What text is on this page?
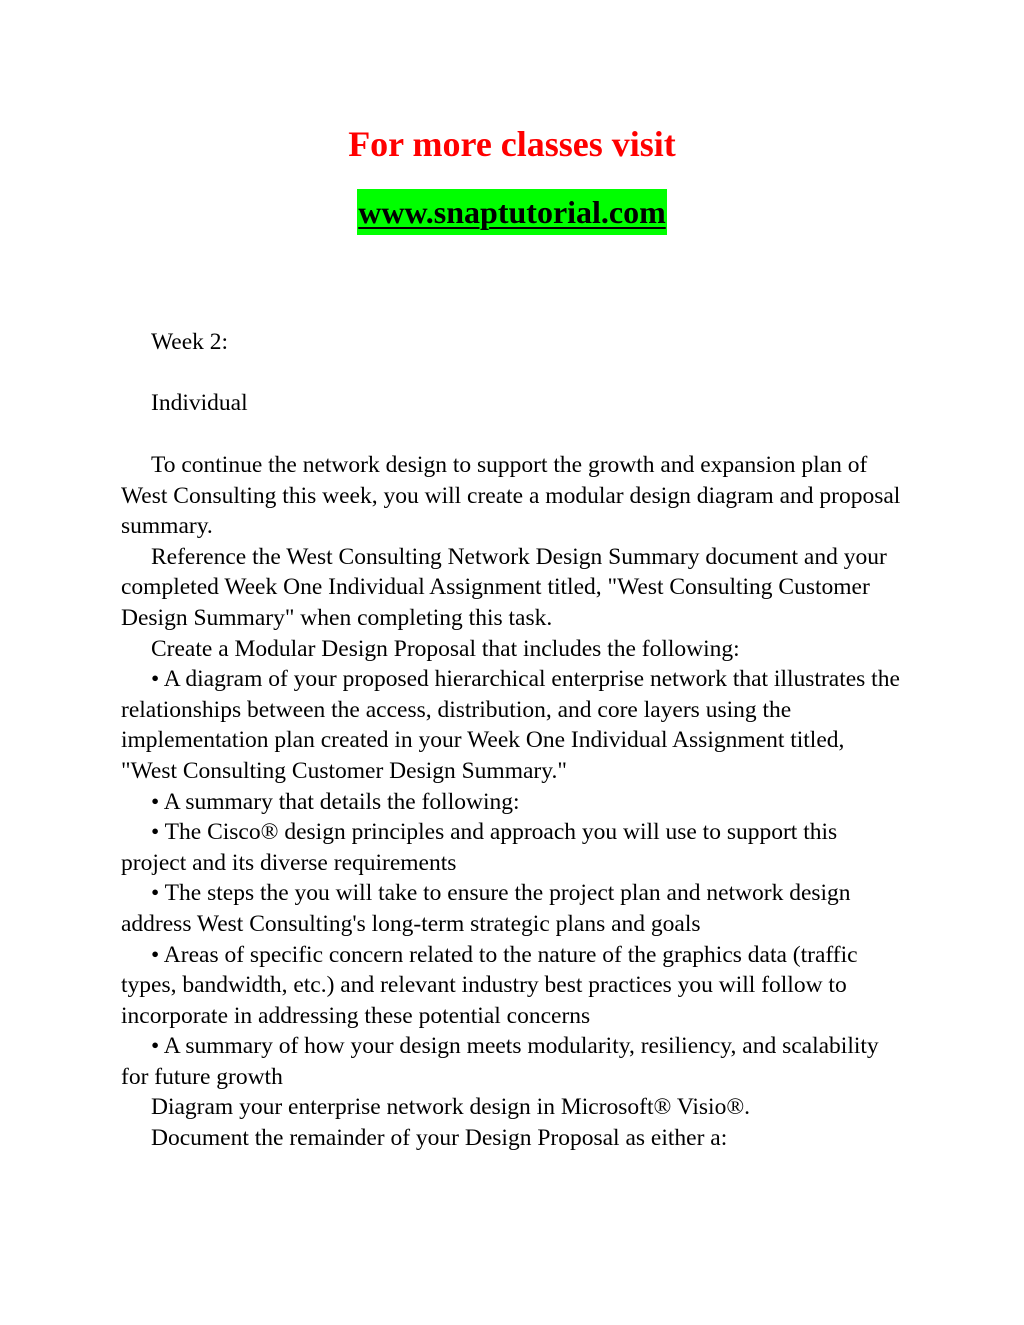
For more classes visit
www.snaptutorial.com

Week 2:

Individual

To continue the network design to support the growth and expansion plan of West Consulting this week, you will create a modular design diagram and proposal summary.

Reference the West Consulting Network Design Summary document and your completed Week One Individual Assignment titled, "West Consulting Customer Design Summary" when completing this task.

Create a Modular Design Proposal that includes the following:

• A diagram of your proposed hierarchical enterprise network that illustrates the relationships between the access, distribution, and core layers using the implementation plan created in your Week One Individual Assignment titled, "West Consulting Customer Design Summary."

• A summary that details the following:

• The Cisco® design principles and approach you will use to support this project and its diverse requirements

• The steps the you will take to ensure the project plan and network design address West Consulting's long-term strategic plans and goals

• Areas of specific concern related to the nature of the graphics data (traffic types, bandwidth, etc.) and relevant industry best practices you will follow to incorporate in addressing these potential concerns

• A summary of how your design meets modularity, resiliency, and scalability for future growth

Diagram your enterprise network design in Microsoft® Visio®.

Document the remainder of your Design Proposal as either a:
